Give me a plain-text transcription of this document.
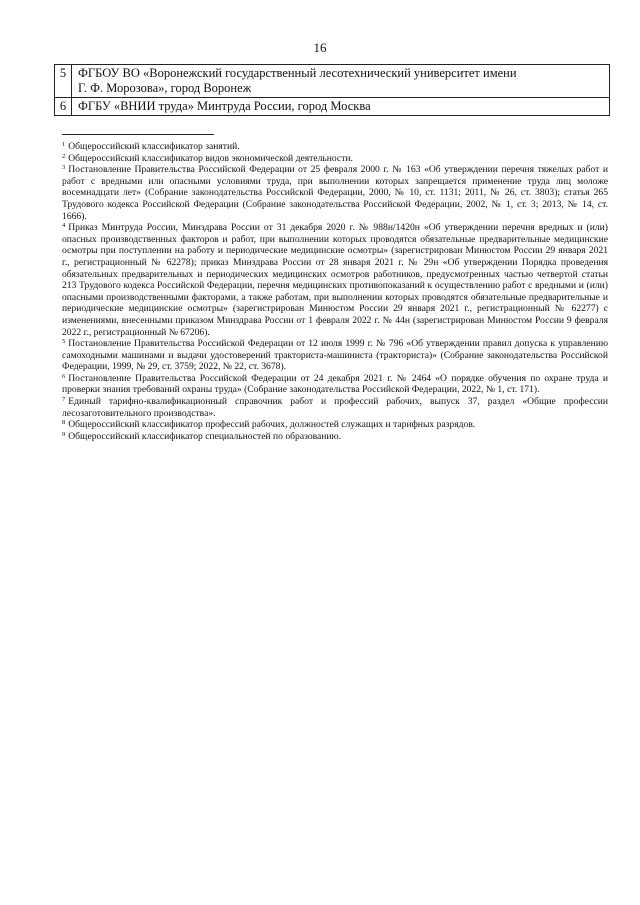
16
5	ФГБОУ ВО «Воронежский государственный лесотехнический университет имени
Г. Ф. Морозова», город Воронеж
6	ФГБУ «ВНИИ труда» Минтруда России, город Москва

$^1$ Общероссийский классификатор занятий.

$^2$ Общероссийский классификатор видов экономической деятельности.

$^3$ Постановление Правительства Российской Федерации от 25 февраля 2000 г. № 163 «Об утверждении перечня тяжелых работ и работ с вредными или опасными условиями труда, при выполнении которых запрещается применение труда лиц моложе восемнадцати лет» (Собрание законодательства Российской Федерации, 2000, № 10, ст. 1131; 2011, № 26, ст. 3803); статья 265 Трудового кодекса Российской Федерации (Собрание законодательства Российской Федерации, 2002, № 1, ст. 3; 2013, № 14, ст. 1666).

$^4$ Приказ Минтруда России, Минздрава России от 31 декабря 2020 г. № 988н/1420н «Об утверждении перечня вредных и (или) опасных производственных факторов и работ, при выполнении которых проводятся обязательные предварительные медицинские осмотры при поступлении на работу и периодические медицинские осмотры» (зарегистрирован Минюстом России 29 января 2021 г., регистрационный № 62278); приказ Минздрава России от 28 января 2021 г. № 29н «Об утверждении Порядка проведения обязательных предварительных и периодических медицинских осмотров работников, предусмотренных частью четвертой статьи 213 Трудового кодекса Российской Федерации, перечня медицинских противопоказаний к осуществлению работ с вредными и (или) опасными производственными факторами, а также работам, при выполнении которых проводятся обязательные предварительные и периодические медицинские осмотры» (зарегистрирован Минюстом России 29 января 2021 г., регистрационный № 62277) с изменениями, внесенными приказом Минздрава России от 1 февраля 2022 г. № 44н (зарегистрирован Минюстом России 9 февраля 2022 г., регистрационный № 67206).

$^5$ Постановление Правительства Российской Федерации от 12 июля 1999 г. № 796 «Об утверждении правил допуска к управлению самоходными машинами и выдачи удостоверений тракториста-машиниста (тракториста)» (Собрание законодательства Российской Федерации, 1999, № 29, ст. 3759; 2022, № 22, ст. 3678).

$^6$ Постановление Правительства Российской Федерации от 24 декабря 2021 г. № 2464 «О порядке обучения по охране труда и проверки знания требований охраны труда» (Собрание законодательства Российской Федерации, 2022, № 1, ст. 171).

$^7$ Единый тарифно-квалификационный справочник работ и профессий рабочих, выпуск 37, раздел «Общие профессии лесозаготовительного производства».

$^8$ Общероссийский классификатор профессий рабочих, должностей служащих и тарифных разрядов.

$^9$ Общероссийский классификатор специальностей по образованию.
